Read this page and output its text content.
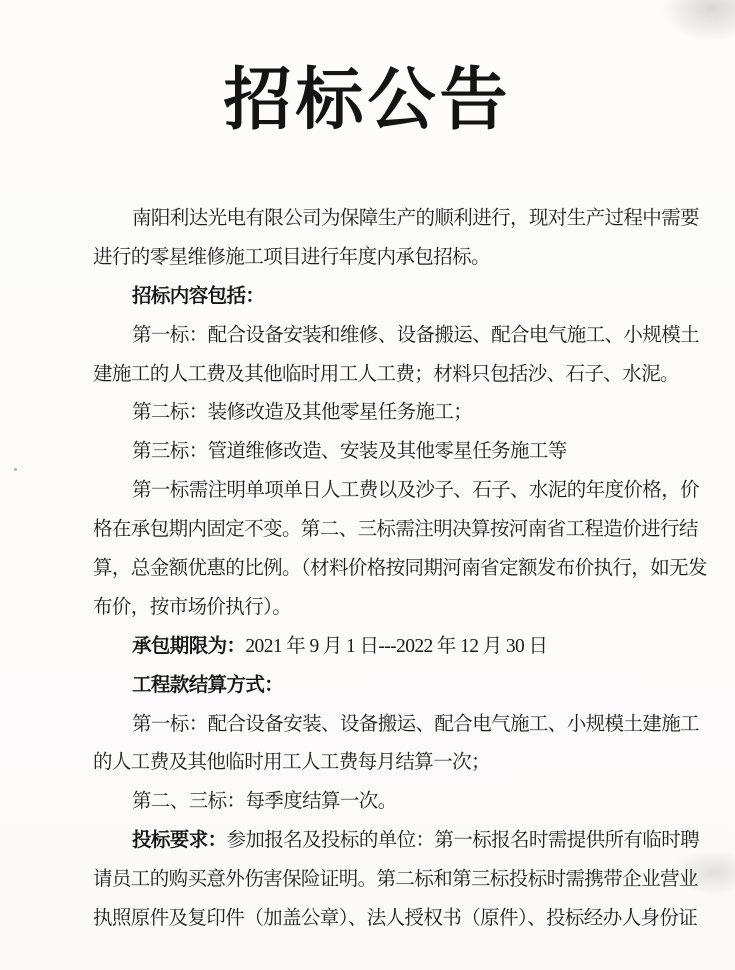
招标公告
南阳利达光电有限公司为保障生产的顺利进行，现对生产过程中需要
进行的零星维修施工项目进行年度内承包招标。
招标内容包括：
第一标：配合设备安装和维修、设备搬运、配合电气施工、小规模土
建施工的人工费及其他临时用工人工费；材料只包括沙、石子、水泥。
第二标：装修改造及其他零星任务施工；
第三标：管道维修改造、安装及其他零星任务施工等
第一标需注明单项单日人工费以及沙子、石子、水泥的年度价格，价
格在承包期内固定不变。第二、三标需注明决算按河南省工程造价进行结
算，总金额优惠的比例。（材料价格按同期河南省定额发布价执行，如无发
布价，按市场价执行）。
承包期限为：2021 年 9 月 1 日---2022 年 12 月 30 日
工程款结算方式：
第一标：配合设备安装、设备搬运、配合电气施工、小规模土建施工
的人工费及其他临时用工人工费每月结算一次；
第二、三标：每季度结算一次。
投标要求：参加报名及投标的单位：第一标报名时需提供所有临时聘
请员工的购买意外伤害保险证明。第二标和第三标投标时需携带企业营业
执照原件及复印件（加盖公章）、法人授权书（原件）、投标经办人身份证
